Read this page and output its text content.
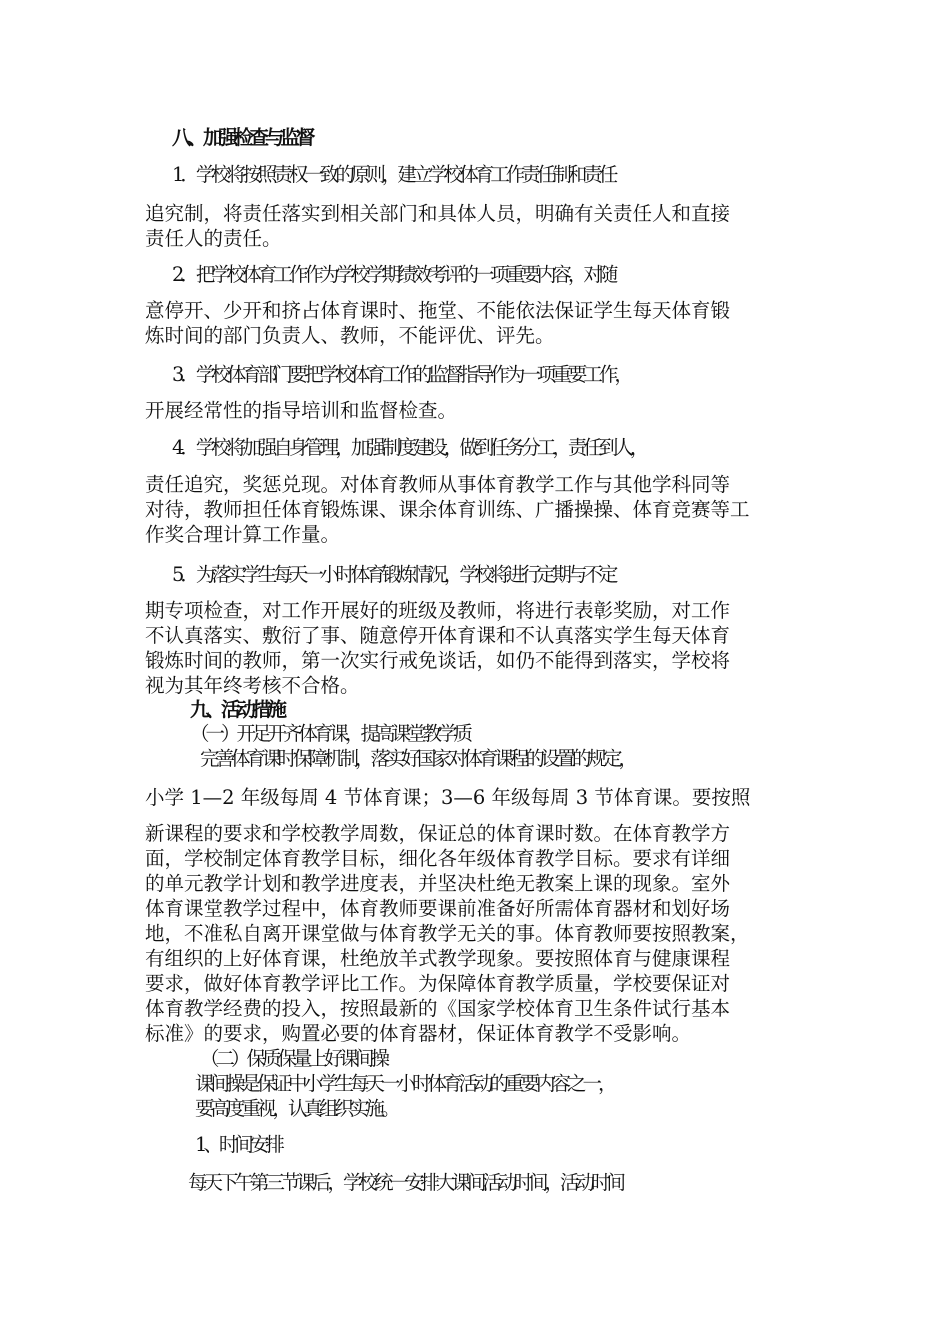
八、加强检查与监督

1．学校将按照责权一致的原则，建立学校体育工作责任制和责任

追究制，将责任落实到相关部门和具体人员，明确有关责任人和直接

责任人的责任。

2．把学校体育工作作为学校学期绩效考评的一项重要内容，对随

意停开、少开和挤占体育课时、拖堂、不能依法保证学生每天体育锻

炼时间的部门负责人、教师，不能评优、评先。

3．学校体育部门要把学校体育工作的监督指导作为一项重要工作，

开展经常性的指导培训和监督检查。

4．学校将加强自身管理，加强制度建设，做到任务分工，责任到人，

责任追究，奖惩兑现。对体育教师从事体育教学工作与其他学科同等

对待，教师担任体育锻炼课、课余体育训练、广播操操、体育竞赛等工

作奖合理计算工作量。

5．为落实学生每天一小时体育锻炼情况，学校将进行定期与不定

期专项检查，对工作开展好的班级及教师，将进行表彰奖励，对工作

不认真落实、敷衍了事、随意停开体育课和不认真落实学生每天体育

锻炼时间的教师，第一次实行戒免谈话，如仍不能得到落实，学校将

视为其年终考核不合格。

九、活动措施

（一）开足开齐体育课，提高课堂教学质

完善体育课时保障机制，落实好国家对体育课程的设置的规定，

小学 1—2 年级每周 4 节体育课；3—6 年级每周 3 节体育课。要按照

新课程的要求和学校教学周数，保证总的体育课时数。在体育教学方

面，学校制定体育教学目标，细化各年级体育教学目标。要求有详细

的单元教学计划和教学进度表，并坚决杜绝无教案上课的现象。室外

体育课堂教学过程中，体育教师要课前准备好所需体育器材和划好场

地，不准私自离开课堂做与体育教学无关的事。体育教师要按照教案，

有组织的上好体育课，杜绝放羊式教学现象。要按照体育与健康课程

要求，做好体育教学评比工作。为保障体育教学质量，学校要保证对

体育教学经费的投入，按照最新的《国家学校体育卫生条件试行基本

标准》的要求，购置必要的体育器材，保证体育教学不受影响。

（二）保质保量上好课间操

课间操是保证中小学生每天一小时体育活动的重要内容之一，

要高度重视，认真组织实施。

1、时间安排

每天下午第三节课后，学校统一安排大课间活动时间，活动时间
